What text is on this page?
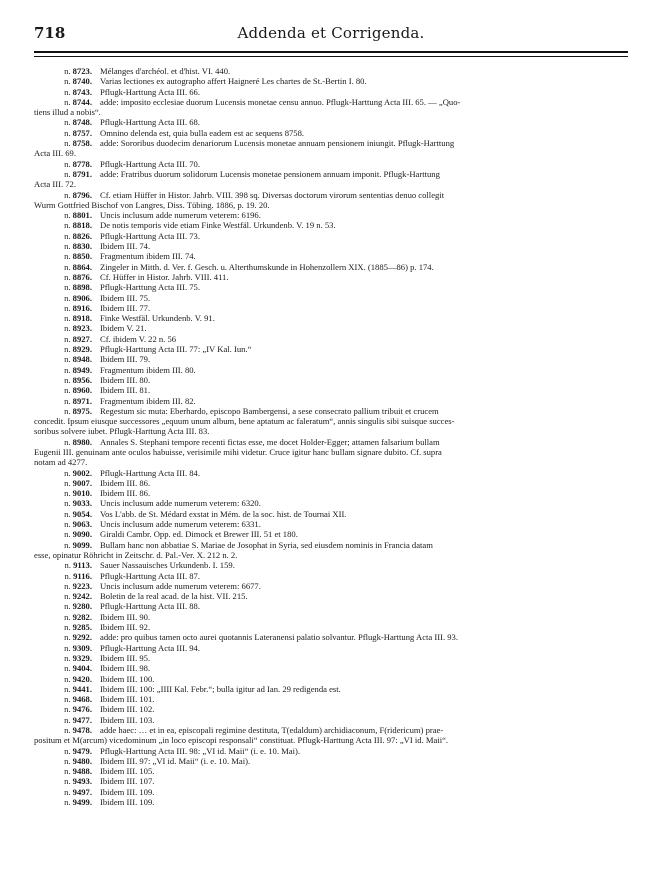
718	Addenda et Corrigenda.
n. 8723. Mélanges d'archéol. et d'hist. VI. 440.
n. 8740. Varias lectiones ex autographo affert Haigneré Les chartes de St.-Bertin I. 80.
n. 8743. Pflugk-Harttung Acta III. 66.
n. 8744. adde: imposito ecclesiae duorum Lucensis monetae censu annuo. Pflugk-Harttung Acta III. 65. — „Quo-
tiens illud a nobis“.
n. 8748. Pflugk-Harttung Acta III. 68.
n. 8757. Omnino delenda est, quia bulla eadem est ac sequens 8758.
n. 8758. adde: Sororibus duodecim denariorum Lucensis monetae annuam pensionem iniungit. Pflugk-Harttung
Acta III. 69.
n. 8778. Pflugk-Harttung Acta III. 70.
n. 8791. adde: Fratribus duorum solidorum Lucensis monetae pensionem annuam imponit. Pflugk-Harttung
Acta III. 72.
n. 8796. Cf. etiam Hüffer in Histor. Jahrb. VIII. 398 sq. Diversas doctorum virorum sententias denuo collegit
Wurm Gottfried Bischof von Langres, Diss. Tübing. 1886, p. 19. 20.
n. 8801. Uncis inclusum adde numerum veterem: 6196.
n. 8818. De notis temporis vide etiam Finke Westfäl. Urkundenb. V. 19 n. 53.
n. 8826. Pflugk-Harttung Acta III. 73.
n. 8830. Ibidem III. 74.
n. 8850. Fragmentum ibidem III. 74.
n. 8864. Zingeler in Mitth. d. Ver. f. Gesch. u. Alterthumskunde in Hohenzollern XIX. (1885—86) p. 174.
n. 8876. Cf. Hüffer in Histor. Jahrb. VIII. 411.
n. 8898. Pflugk-Harttung Acta III. 75.
n. 8906. Ibidem III. 75.
n. 8916. Ibidem III. 77.
n. 8918. Finke Westfäl. Urkundenb. V. 91.
n. 8923. Ibidem V. 21.
n. 8927. Cf. ibidem V. 22 n. 56
n. 8929. Pflugk-Harttung Acta III. 77: „IV Kal. Iun.“
n. 8948. Ibidem III. 79.
n. 8949. Fragmentum ibidem III. 80.
n. 8956. Ibidem III. 80.
n. 8960. Ibidem III. 81.
n. 8971. Fragmentum ibidem III. 82.
n. 8975. Regestum sic muta: Eberhardo, episcopo Bambergensi, a sese consecrato pallium tribuit et crucem
concedit. Ipsum eiusque successores „equum unum album, bene aptatum ac faleratum“, annis singulis sibi suisque succes-
soribus solvere iubet. Pflugk-Harttung Acta III. 83.
n. 8980. Annales S. Stephani tempore recenti fictas esse, me docet Holder-Egger; attamen falsarium bullam
Eugenii III. genuinam ante oculos habuisse, verisimile mihi videtur. Cruce igitur hanc bullam signare dubito. Cf. supra
notam ad 4277.
n. 9002. Pflugk-Harttung Acta III. 84.
n. 9007. Ibidem III. 86.
n. 9010. Ibidem III. 86.
n. 9033. Uncis inclusum adde numerum veterem: 6320.
n. 9054. Vos L'abb. de St. Médard exstat in Mém. de la soc. hist. de Tournai XII.
n. 9063. Uncis inclusum adde numerum veterem: 6331.
n. 9090. Giraldi Cambr. Opp. ed. Dimock et Brewer III. 51 et 180.
n. 9099. Bullam hanc non abbatiae S. Mariae de Josophat in Syria, sed eiusdem nominis in Francia datam
esse, opinatur Röhricht in Zeitschr. d. Pal.-Ver. X. 212 n. 2.
n. 9113. Sauer Nassauisches Urkundenb. I. 159.
n. 9116. Pflugk-Harttung Acta III. 87.
n. 9223. Uncis inclusum adde numerum veterem: 6677.
n. 9242. Boletin de la real acad. de la hist. VII. 215.
n. 9280. Pflugk-Harttung Acta III. 88.
n. 9282. Ibidem III. 90.
n. 9285. Ibidem III. 92.
n. 9292. adde: pro quibus tamen octo aurei quotannis Lateranensi palatio solvantur. Pflugk-Harttung Acta III. 93.
n. 9309. Pflugk-Harttung Acta III. 94.
n. 9329. Ibidem III. 95.
n. 9404. Ibidem III. 98.
n. 9420. Ibidem III. 100.
n. 9441. Ibidem III. 100: „IIII Kal. Febr.“; bulla igitur ad Ian. 29 redigenda est.
n. 9468. Ibidem III. 101.
n. 9476. Ibidem III. 102.
n. 9477. Ibidem III. 103.
n. 9478. adde haec: … et in ea, episcopali regimine destituta, T(edaldum) archidiaconum, F(ridericum) prae-
positum et M(arcum) vicedominum „in loco episcopi responsali“ constituat. Pflugk-Harttung Acta III. 97: „VI id. Maii“.
n. 9479. Pflugk-Harttung Acta III. 98: „VI id. Maii“ (i. e. 10. Mai).
n. 9480. Ibidem III. 97: „VI id. Maii“ (i. e. 10. Mai).
n. 9488. Ibidem III. 105.
n. 9493. Ibidem III. 107.
n. 9497. Ibidem III. 109.
n. 9499. Ibidem III. 109.
